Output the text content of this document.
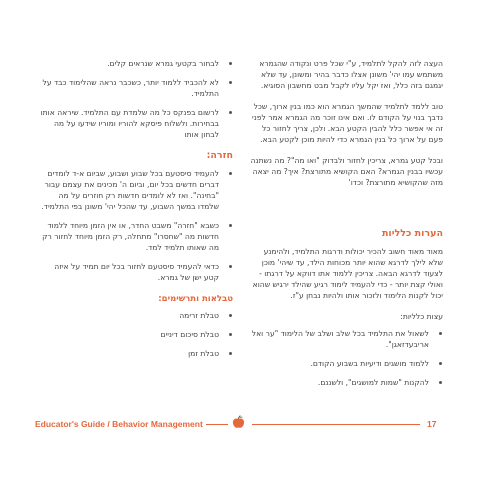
העצה לזה להקל לתלמיד, ע"י שכל פרט ונקודה שהגמרא משתמש עמו יהי' משונן אצלו כדבר בהיר ומשונן, עד שלא יגמגם בזה כלל, ואז יקל עליו לקבל מבט מחשבון הסוגיא.

טוב ללמד לתלמיד שהמשך הגמרא הוא כמו בנין ארוך, שכל נדבך בנוי על הקודם לו. ואם אינו זוכר מה הגמרא אמר לפני זה אי אפשר כלל להבין הקטע הבא. ולכן, צריך לחזור כל פעם על ארוך כל בנין הגמרא כדי להיות מוכן לקטע הבא.

ובכל קטע גמרא, צריכין לחזור ולבדוק "ואו מה"? מה נשתנה עכשיו בבנין הגמרא? האם הקושיא מתורצת? איך? מה יצאה מזה שהקושיא מתורצת? וכדו'

הערות כלליות

מאוד מאוד חשוב להכיר יכולות ודרגות התלמיד, ולהימנע שלא לילך לדרגא שהוא יותר מכוחות הילד, עד שיהי' מוכן לצעוד לדרגא הבאה. צריכין ללמוד אתו דווקא על דרגתו - ואולי קצת יותר - כדי להעמיד לימוד רגיע שהילד ירגיש שהוא יכול לקנות הלימוד ולזכור אותו ולהיות נבחן ע"ז.

עצות כלליות:

לשאול את התלמיד בכל שלב ושלב של הלימוד "ער ואל אריבעדזאגן".
ללמוד מושגים ודיעיות בשבוע הקודם.
להקנות "שמות למושגים", ולשננם.
לבחור בקטעי גמרא שנראים קלים.
לא להכביד ללמוד יותר, כשכבר נראה שהלימוד כבד על התלמיד.
לרשום בפנקס כל מה שלמדת עם התלמיד. שיראה אותו בבחירות. ולשלוח פיסקא להוריו ומוריו שידעו על מה לבחון אותו
חזרה:
להעמיד סיסטעם בכל שבוע ושבוע, שביום א-ד לומדים דברים חדשים בכל יום, וביום ה' מכינים את עצמם עבור "בחינה". ואז לא לומדים חדשות רק חוזרים על מה שלמדו במשך השבוע, עד שהכל יהי' משונן בפי התלמיד.
כשבא "חזרה" משבט החדר, או אין הזמן מיוחד ללמוד חדשות מה "שחסרו" מתחלה, רק הזמן מיוחד לחזור רק מה שאותו תלמיד למד.
כדאי להעמיד סיסטעם לחזור בכל יום תמיד על איזה קטע ישן של גמרא.
טבלאות ותרשימים:
טבלת זרימה
טבלת סיכום דיניים
טבלת זמן
Educator's Guide / Behavior Management	17
